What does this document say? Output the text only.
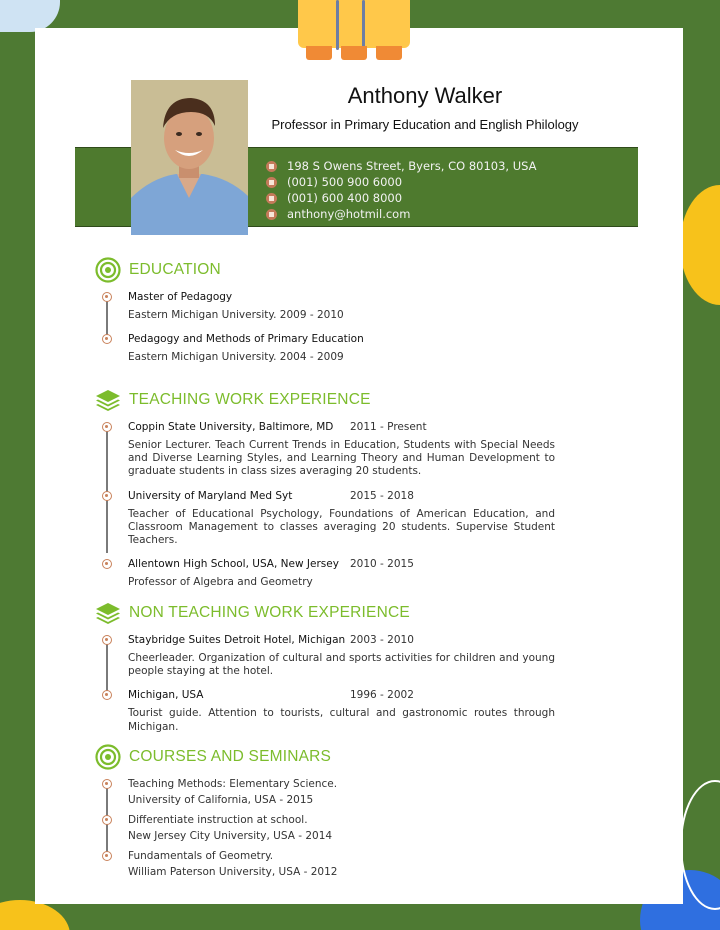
198 S Owens Street, Byers, CO 80103, USA
(001) 500 900 6000
(001) 600 400 8000
anthony@hotmil.com
Anthony Walker
Professor in Primary Education and English Philology
EDUCATION
Master of Pedagogy
Eastern Michigan University. 2009 - 2010
Pedagogy and Methods of Primary Education
Eastern Michigan University. 2004 - 2009
TEACHING WORK EXPERIENCE
Coppin State University, Baltimore, MD	2011 - Present
Senior Lecturer. Teach Current Trends in Education, Students with Special Needs and Diverse Learning Styles, and Learning Theory and Human Development to graduate students in class sizes averaging 20 students.
University of Maryland Med Syt	2015 - 2018
Teacher of Educational Psychology, Foundations of American Education, and Classroom Management to classes averaging 20 students. Supervise Student Teachers.
Allentown High School, USA, New Jersey	2010 - 2015
Professor of Algebra and Geometry
NON TEACHING WORK EXPERIENCE
Staybridge Suites Detroit Hotel, Michigan 2003 - 2010
Cheerleader. Organization of cultural and sports activities for children and young people staying at the hotel.
Michigan, USA	1996 - 2002
Tourist guide. Attention to tourists, cultural and gastronomic routes through Michigan.
COURSES AND SEMINARS
Teaching Methods: Elementary Science.
University of California, USA - 2015
Differentiate instruction at school.
New Jersey City University, USA - 2014
Fundamentals of Geometry.
William Paterson University, USA - 2012
